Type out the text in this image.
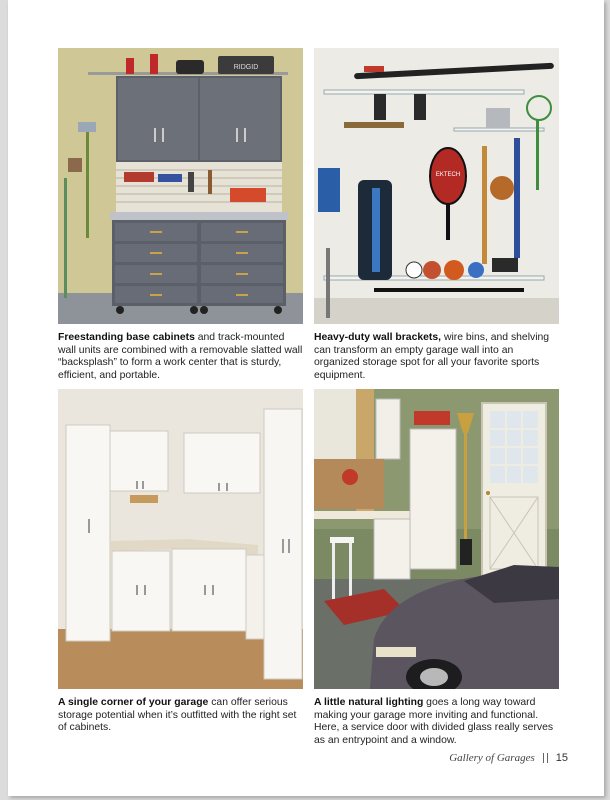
RIDGID
EKTECH
Freestanding base cabinets and track-mounted wall units are combined with a removable slatted wall “backsplash” to form a work center that is sturdy, efficient, and portable.
Heavy-duty wall brackets, wire bins, and shelving can transform an empty garage wall into an organized storage spot for all your favorite sports equipment.
A single corner of your garage can offer serious storage potential when it’s outfitted with the right set of cabinets.
A little natural lighting goes a long way toward making your garage more inviting and functional. Here, a service door with divided glass really serves as an entrypoint and a window.
Gallery of Garages 15
